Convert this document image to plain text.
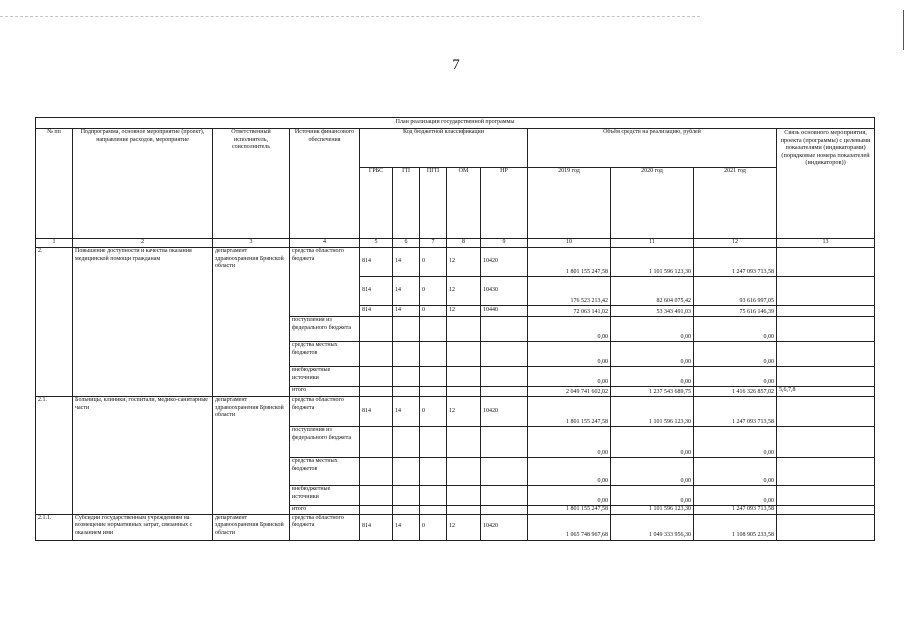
7
План реализации государственной программы												
№ пп	Подпрограмма, основное мероприятие (проект), направление расходов, мероприятие	Ответственный исполнитель, соисполнитель	Источник финансового обеспечения	Код бюджетной классификации					Объём средств на реализацию, рублей			Связь основного мероприятия, проекта (программы) с целевыми показателями (индикаторами) (порядковые номера показателей (индикаторов))
				ГРБС	ГП	ПГП	ОМ	НР	2019 год	2020 год	2021 год	
1	2	3	4	5	6	7	8	9	10	11	12	13
2.	Повышение доступности и качества оказания медицинской помощи гражданам	департамент здравоохранения Брянской области	средства областного бюджета	814	14	0	12	10420	1 801 155 247,58	1 101 596 123,30	1 247 093 713,58	
				814	14	0	12	10430	176 523 213,42	82 604 075,42	93 616 997,05	
				814	14	0	12	10440	72 063 141,02	53 343 491,03	75 616 146,39	
			поступления из федерального бюджета						0,00	0,00	0,00	
			средства местных бюджетов						0,00	0,00	0,00	
			внебюджетные источники						0,00	0,00	0,00	
			итого						2 049 741 602,02	1 237 543 689,75	1 416 326 857,02	5,6,7,8
2.1.	Больницы, клиники, госпитали, медико-санитарные части	департамент здравоохранения Брянской области	средства областного бюджета	814	14	0	12	10420	1 801 155 247,58	1 101 596 123,30	1 247 093 713,58	
			поступления из федерального бюджета						0,00	0,00	0,00	
			средства местных бюджетов						0,00	0,00	0,00	
			внебюджетные источники						0,00	0,00	0,00	
			итого						1 801 155 247,58	1 101 596 123,30	1 247 093 713,58	
2.1.1.	Субсидии государственным учреждениям на возмещение нормативных затрат, связанных с оказанием ими	департамент здравоохранения Брянской области	средства областного бюджета	814	14	0	12	10420	1 065 748 967,68	1 049 333 956,30	1 108 905 233,58	
